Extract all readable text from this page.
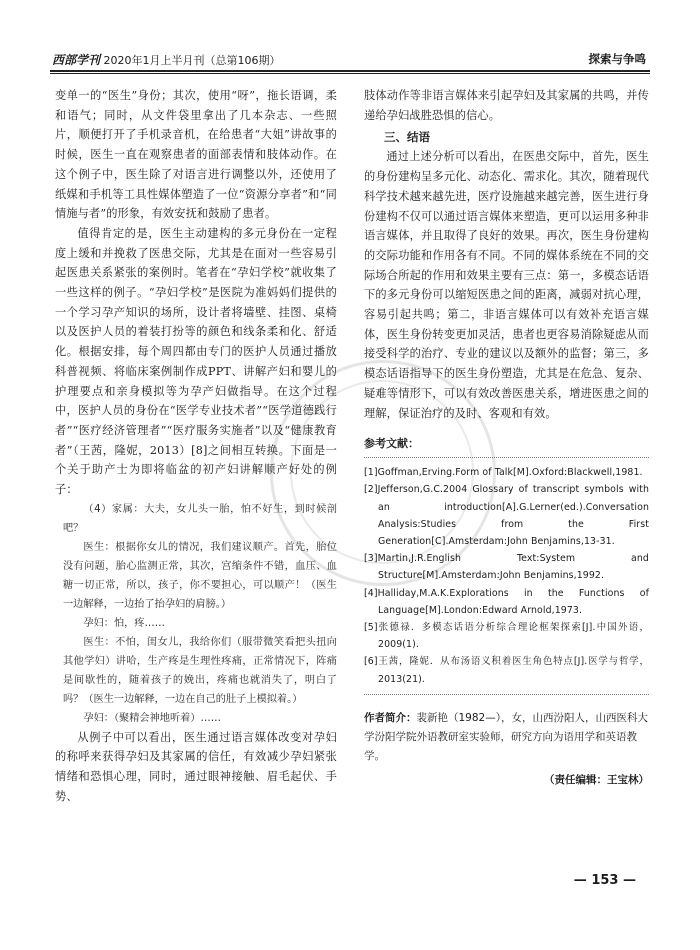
西部学刊 2020年1月上半月刊（总第106期）	探索与争鸣

变单一的“医生”身份；其次，使用“呀”，拖长语调，柔和语气；同时，从文件袋里拿出了几本杂志、一些照片，顺便打开了手机录音机，在给患者“大姐”讲故事的时候，医生一直在观察患者的面部表情和肢体动作。在这个例子中，医生除了对语言进行调整以外，还使用了纸媒和手机等工具性媒体塑造了一位“资源分享者”和“同情施与者”的形象，有效安抚和鼓励了患者。

值得肯定的是，医生主动建构的多元身份在一定程度上缓和并挽救了医患交际，尤其是在面对一些容易引起医患关系紧张的案例时。笔者在“孕妇学校”就收集了一些这样的例子。“孕妇学校”是医院为准妈妈们提供的一个学习孕产知识的场所，设计者将墙壁、挂图、桌椅以及医护人员的着装打扮等的颜色和线条柔和化、舒适化。根据安排，每个周四都由专门的医护人员通过播放科普视频、将临床案例制作成PPT、讲解产妇和婴儿的护理要点和亲身模拟等为孕产妇做指导。在这个过程中，医护人员的身份在“医学专业技术者”“医学道德践行者”“医疗经济管理者”“医疗服务实施者”以及“健康教育者”（王茜，隆妮，2013）[8]之间相互转换。下面是一个关于助产士为即将临盆的初产妇讲解顺产好处的例子：

（4）家属：大夫，女儿头一胎，怕不好生，到时候剖吧？

医生：根据你女儿的情况，我们建议顺产。首先，胎位没有问题，胎心监测正常，其次，宫缩条件不错，血压、血糖一切正常，所以，孩子，你不要担心，可以顺产！（医生一边解释，一边抬了抬孕妇的肩膀。）

孕妇：怕，疼……

医生：不怕，闺女儿，我给你们（服带微笑看把头扭向其他学妇）讲哈，生产疼是生理性疼痛，正常情况下，阵痛是间歇性的，随着孩子的娩出，疼痛也就消失了，明白了吗？（医生一边解释，一边在自己的肚子上模拟着。）

孕妇：（聚精会神地听着）……

从例子中可以看出，医生通过语言媒体改变对孕妇的称呼来获得孕妇及其家属的信任，有效减少孕妇紧张情绪和恐惧心理，同时，通过眼神接触、眉毛起伏、手势、

肢体动作等非语言媒体来引起孕妇及其家属的共鸣，并传递给孕妇战胜恐惧的信心。

三、结语

通过上述分析可以看出，在医患交际中，首先，医生的身份建构呈多元化、动态化、需求化。其次，随着现代科学技术越来越先进，医疗设施越来越完善，医生进行身份建构不仅可以通过语言媒体来塑造，更可以运用多种非语言媒体，并且取得了良好的效果。再次，医生身份建构的交际功能和作用各有不同。不同的媒体系统在不同的交际场合所起的作用和效果主要有三点：第一，多模态话语下的多元身份可以缩短医患之间的距离，减弱对抗心理，容易引起共鸣；第二，非语言媒体可以有效补充语言媒体，医生身份转变更加灵活，患者也更容易消除疑虑从而接受科学的治疗、专业的建议以及额外的监督；第三，多模态话语指导下的医生身份塑造，尤其是在危急、复杂、疑难等情形下，可以有效改善医患关系，增进医患之间的理解，保证治疗的及时、客观和有效。

参考文献：

[1]Goffman,Erving.Form of Talk[M].Oxford:Blackwell,1981.
[2]Jefferson,G.C.2004 Glossary of transcript symbols with an introduction[A].G.Lerner(ed.).Conversation Analysis:Studies from the First Generation[C].Amsterdam:John Benjamins,13-31.
[3]Martin,J.R.English Text:System and Structure[M].Amsterdam:John Benjamins,1992.
[4]Halliday,M.A.K.Explorations in the Functions of Language[M].London:Edward Arnold,1973.
[5]张德禄．多模态话语分析综合理论框架探索[J].中国外语，2009(1).
[6]王茜，隆妮．从布汤语义积着医生角色特点[J].医学与哲学，2013(21).

作者简介：裴新艳（1982—），女，山西汾阳人，山西医科大学汾阳学院外语教研室实验师，研究方向为语用学和英语教学。

（责任编辑：王宝林）

— 153 —
